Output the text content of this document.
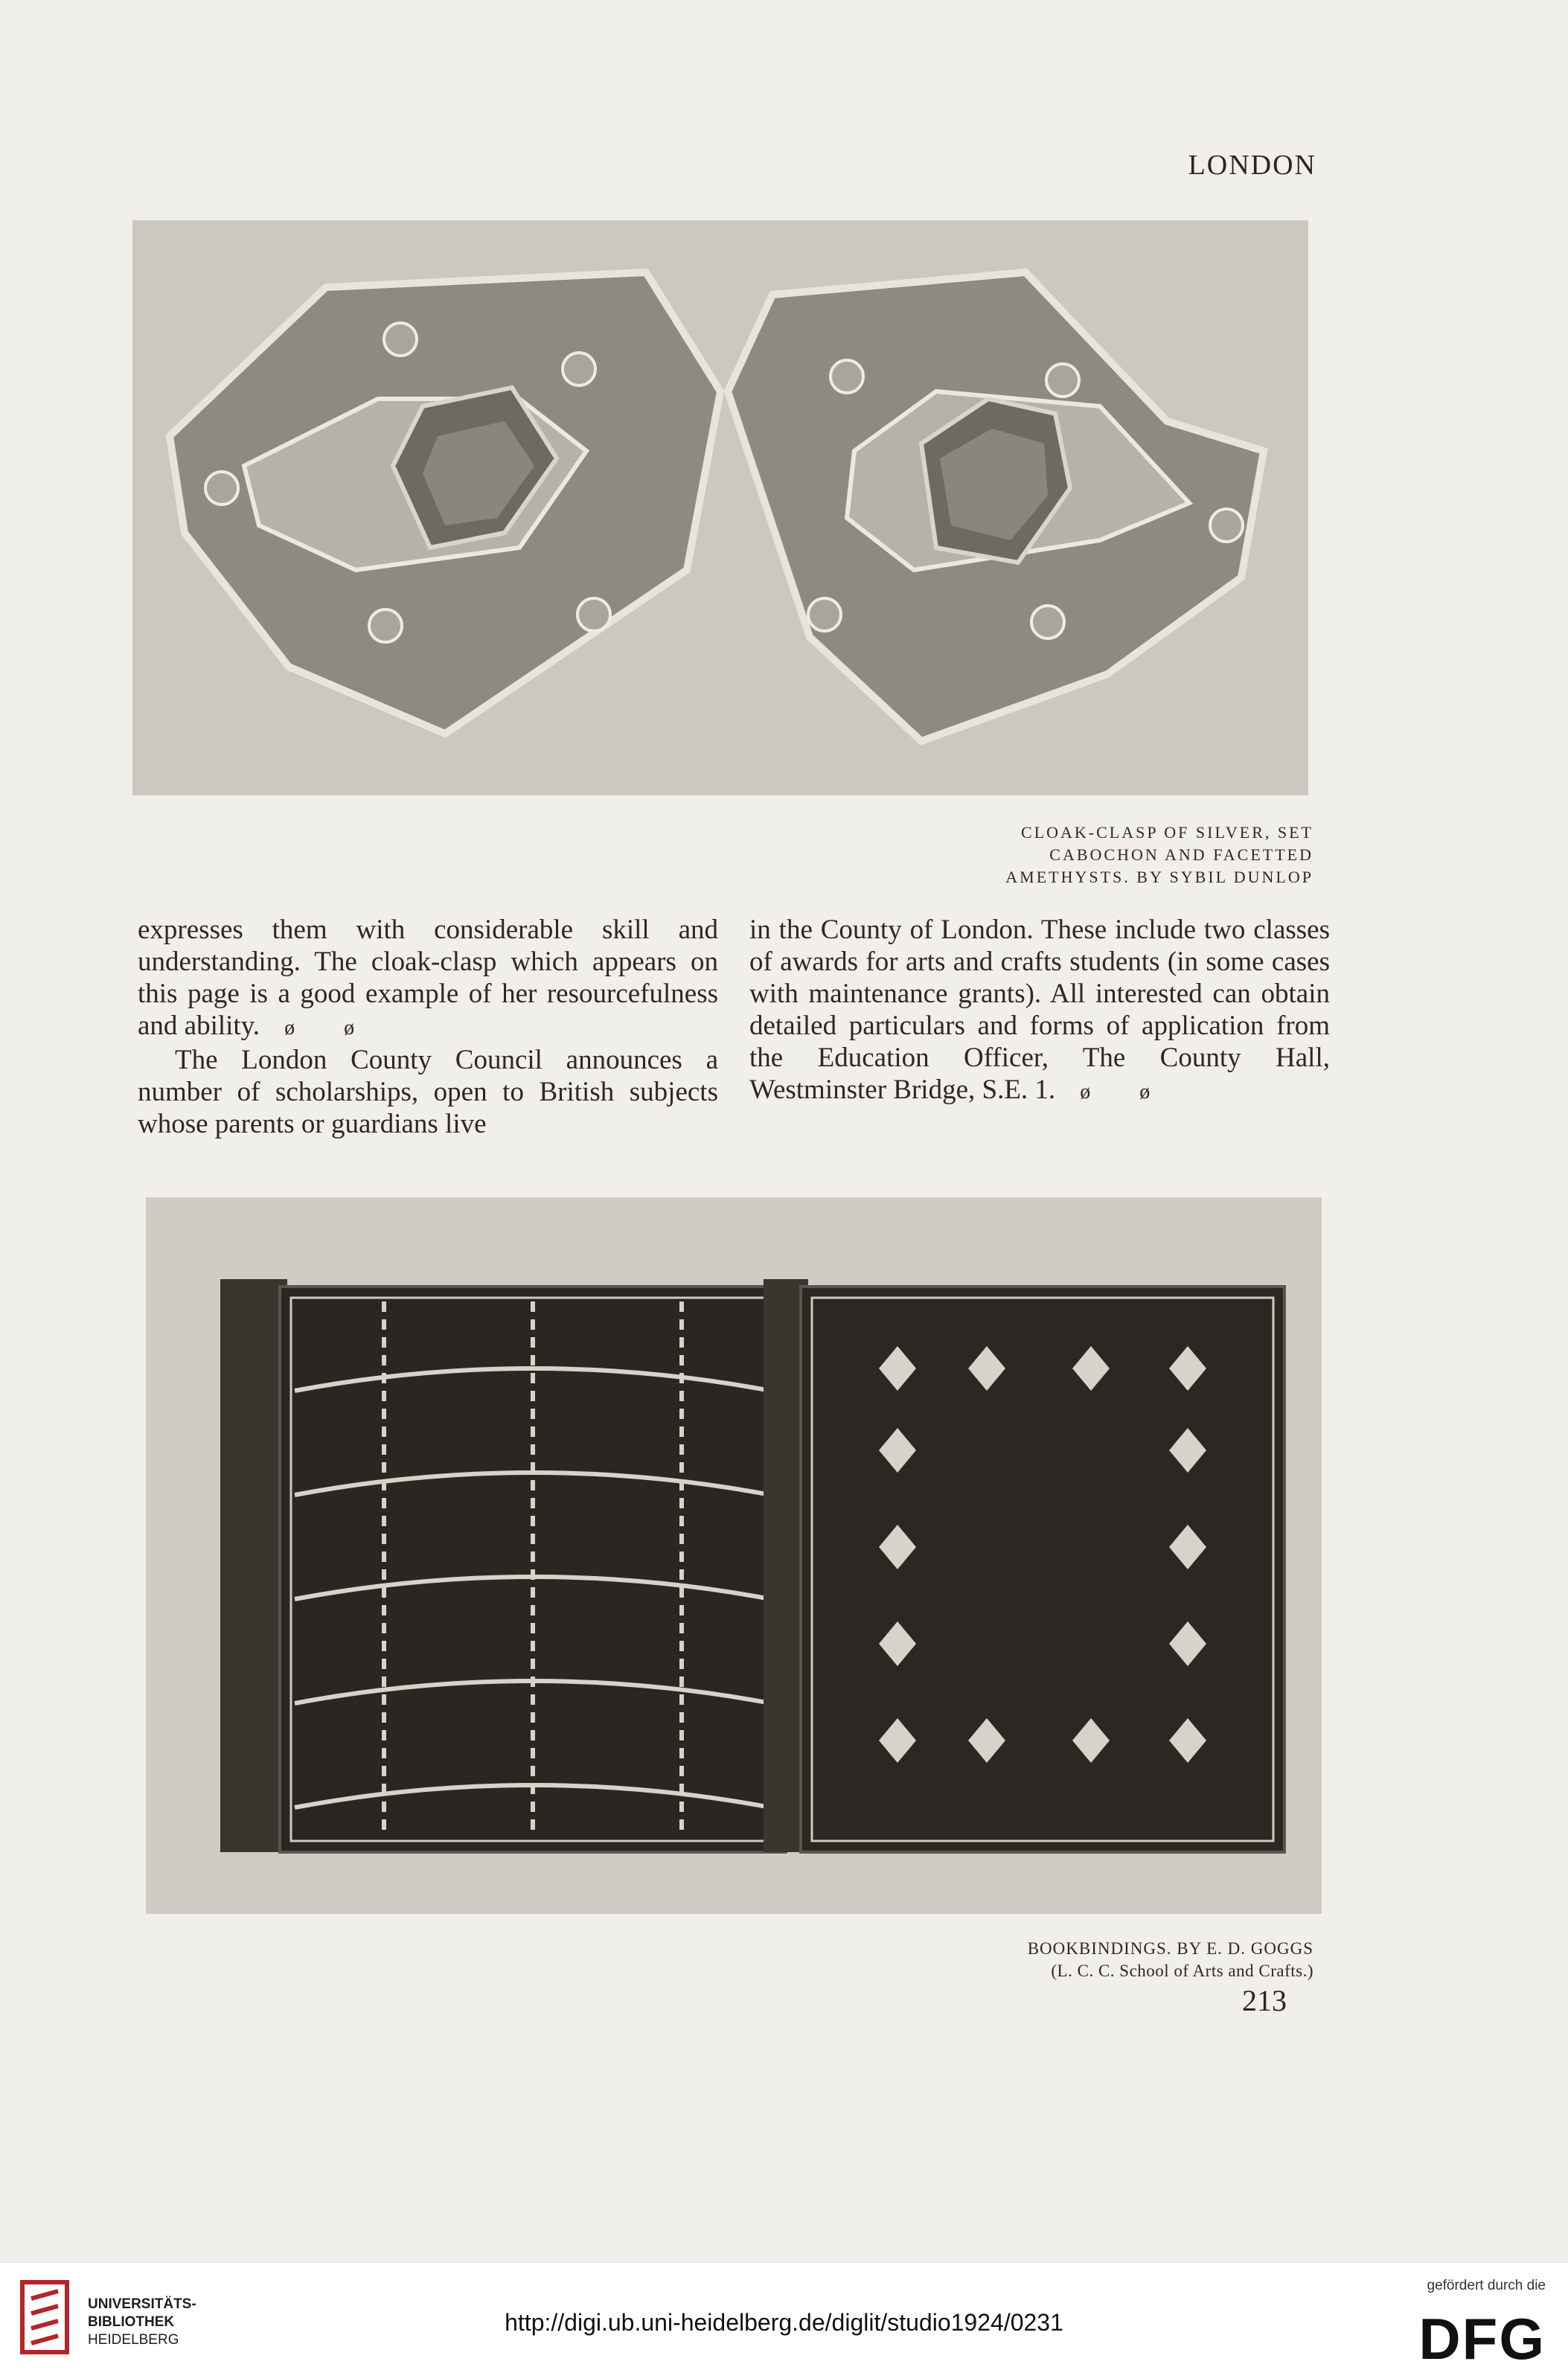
LONDON
CLOAK-CLASP OF SILVER, SET
CABOCHON AND FACETTED
AMETHYSTS. BY SYBIL DUNLOP

expresses them with considerable skill and understanding. The cloak-clasp which appears on this page is a good example of her resourcefulness and ability. ø ø

The London County Council announces a number of scholarships, open to British subjects whose parents or guardians live

in the County of London. These include two classes of awards for arts and crafts students (in some cases with maintenance grants). All interested can obtain detailed particulars and forms of application from the Education Officer, The County Hall, Westminster Bridge, S.E. 1. ø ø

BOOKBINDINGS. BY E. D. GOGGS
(L. C. C. School of Arts and Crafts.)
213
UNIVERSITÄTS-
BIBLIOTHEK
HEIDELBERG
http://digi.ub.uni-heidelberg.de/diglit/studio1924/0231
gefördert durch die
DFG
